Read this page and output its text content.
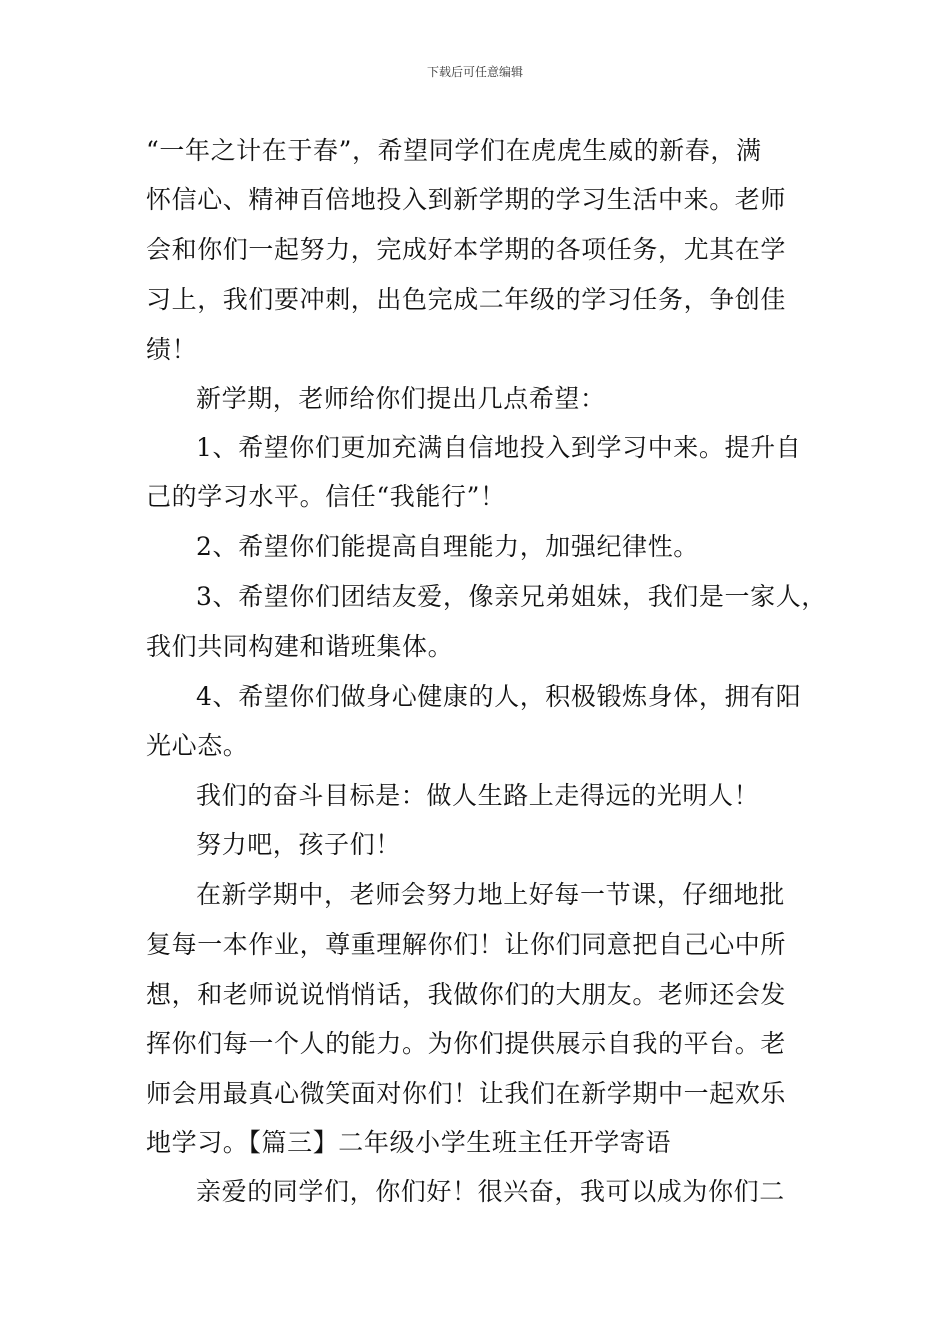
下载后可任意编辑
“一年之计在于春”，希望同学们在虎虎生威的新春，满
怀信心、精神百倍地投入到新学期的学习生活中来。老师
会和你们一起努力，完成好本学期的各项任务，尤其在学
习上，我们要冲刺，出色完成二年级的学习任务，争创佳
绩！
新学期，老师给你们提出几点希望：
1、希望你们更加充满自信地投入到学习中来。提升自
己的学习水平。信任“我能行”！
2、希望你们能提高自理能力，加强纪律性。
3、希望你们团结友爱，像亲兄弟姐妹，我们是一家人，
我们共同构建和谐班集体。
4、希望你们做身心健康的人，积极锻炼身体，拥有阳
光心态。
我们的奋斗目标是：做人生路上走得远的光明人！
努力吧，孩子们！
在新学期中，老师会努力地上好每一节课，仔细地批
复每一本作业，尊重理解你们！让你们同意把自己心中所
想，和老师说说悄悄话，我做你们的大朋友。老师还会发
挥你们每一个人的能力。为你们提供展示自我的平台。老
师会用最真心微笑面对你们！让我们在新学期中一起欢乐
地学习。【篇三】二年级小学生班主任开学寄语
亲爱的同学们，你们好！很兴奋，我可以成为你们二
